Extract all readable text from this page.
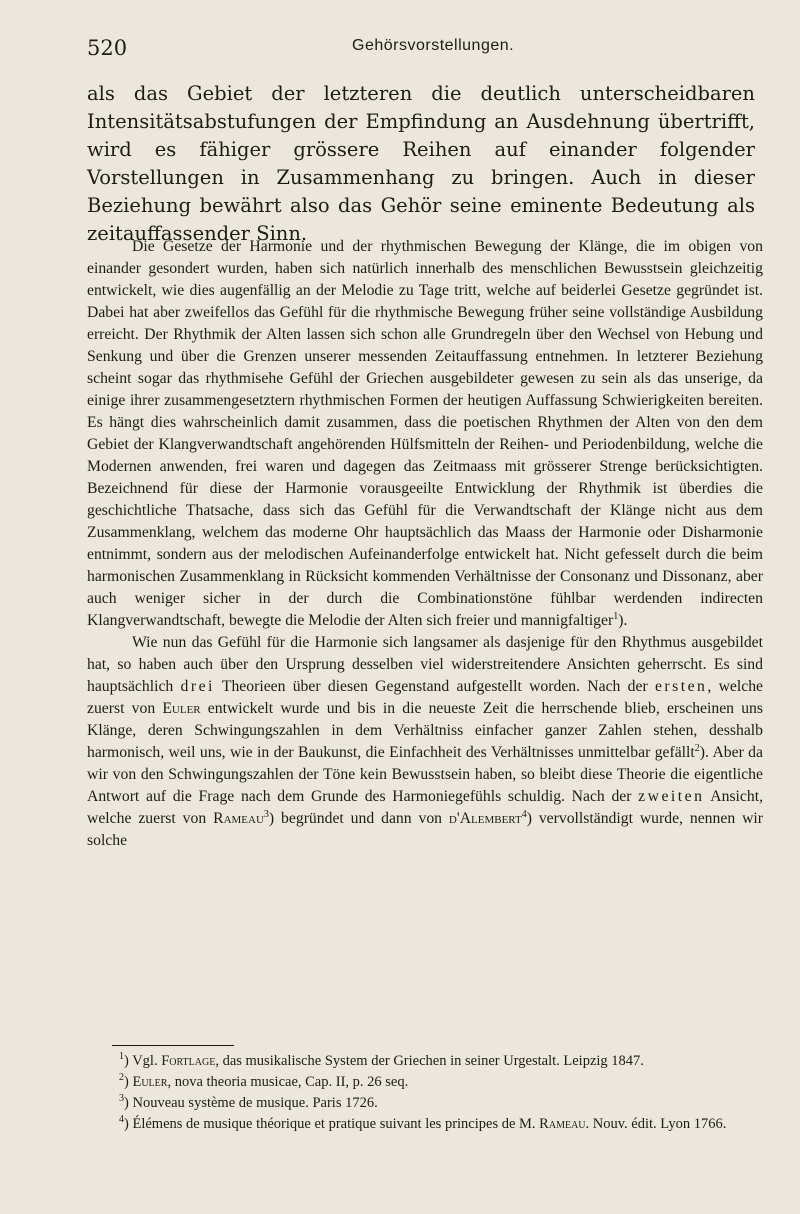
520	Gehörsvorstellungen.
als das Gebiet der letzteren die deutlich unterscheidbaren Intensitätsabstufungen der Empfindung an Ausdehnung übertrifft, wird es fähiger grössere Reihen auf einander folgender Vorstellungen in Zusammenhang zu bringen. Auch in dieser Beziehung bewährt also das Gehör seine eminente Bedeutung als zeitauffassender Sinn.

Die Gesetze der Harmonie und der rhythmischen Bewegung der Klänge, die im obigen von einander gesondert wurden, haben sich natürlich innerhalb des menschlichen Bewusstsein gleichzeitig entwickelt, wie dies augenfällig an der Melodie zu Tage tritt, welche auf beiderlei Gesetze gegründet ist. Dabei hat aber zweifellos das Gefühl für die rhythmische Bewegung früher seine vollständige Ausbildung erreicht. Der Rhythmik der Alten lassen sich schon alle Grundregeln über den Wechsel von Hebung und Senkung und über die Grenzen unserer messenden Zeitauffassung entnehmen. In letzterer Beziehung scheint sogar das rhythmisehe Gefühl der Griechen ausgebildeter gewesen zu sein als das unserige, da einige ihrer zusammengesetztern rhythmischen Formen der heutigen Auffassung Schwierigkeiten bereiten. Es hängt dies wahrscheinlich damit zusammen, dass die poetischen Rhythmen der Alten von den dem Gebiet der Klangverwandtschaft angehörenden Hülfsmitteln der Reihen- und Periodenbildung, welche die Modernen anwenden, frei waren und dagegen das Zeitmaass mit grösserer Strenge berücksichtigten. Bezeichnend für diese der Harmonie vorausgeeilte Entwicklung der Rhythmik ist überdies die geschichtliche Thatsache, dass sich das Gefühl für die Verwandtschaft der Klänge nicht aus dem Zusammenklang, welchem das moderne Ohr hauptsächlich das Maass der Harmonie oder Disharmonie entnimmt, sondern aus der melodischen Aufeinanderfolge entwickelt hat. Nicht gefesselt durch die beim harmonischen Zusammenklang in Rücksicht kommenden Verhältnisse der Consonanz und Dissonanz, aber auch weniger sicher in der durch die Combinationstöne fühlbar werdenden indirecten Klangverwandtschaft, bewegte die Melodie der Alten sich freier und mannigfaltiger$^1$).

Wie nun das Gefühl für die Harmonie sich langsamer als dasjenige für den Rhythmus ausgebildet hat, so haben auch über den Ursprung desselben viel widerstreitendere Ansichten geherrscht. Es sind hauptsächlich drei Theorieen über diesen Gegenstand aufgestellt worden. Nach der ersten, welche zuerst von Euler entwickelt wurde und bis in die neueste Zeit die herrschende blieb, erscheinen uns Klänge, deren Schwingungszahlen in dem Verhältniss einfacher ganzer Zahlen stehen, desshalb harmonisch, weil uns, wie in der Baukunst, die Einfachheit des Verhältnisses unmittelbar gefällt$^2$). Aber da wir von den Schwingungszahlen der Töne kein Bewusstsein haben, so bleibt diese Theorie die eigentliche Antwort auf die Frage nach dem Grunde des Harmoniegefühls schuldig. Nach der zweiten Ansicht, welche zuerst von Rameau$^3$) begründet und dann von d'Alembert$^4$) vervollständigt wurde, nennen wir solche

$^1$) Vgl. Fortlage, das musikalische System der Griechen in seiner Urgestalt. Leipzig 1847.
$^2$) Euler, nova theoria musicae, Cap. II, p. 26 seq.
$^3$) Nouveau système de musique. Paris 1726.
$^4$) Élémens de musique théorique et pratique suivant les principes de M. Rameau. Nouv. édit. Lyon 1766.
